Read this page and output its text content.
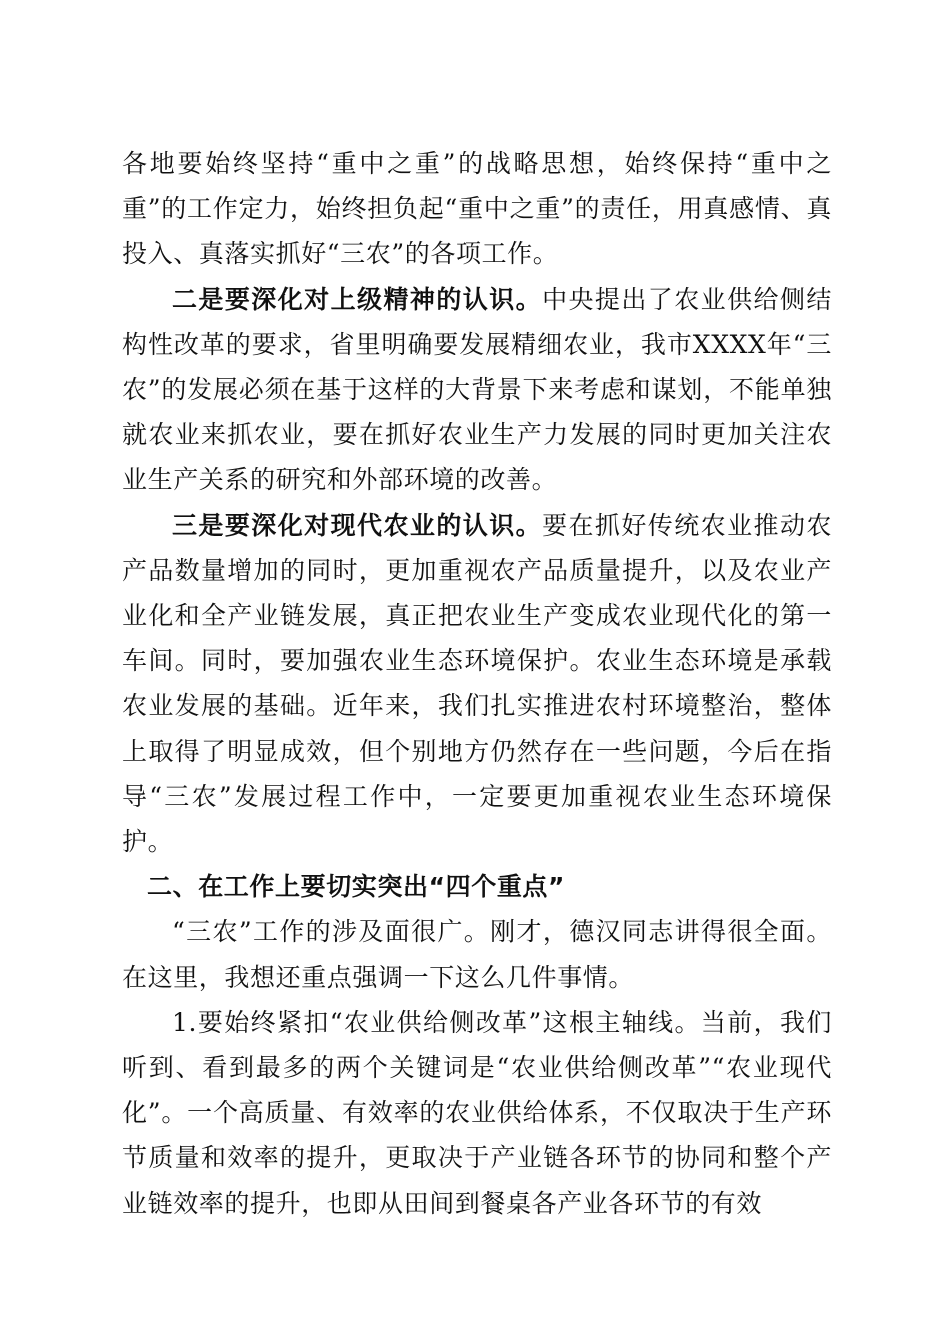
各地要始终坚持“重中之重”的战略思想，始终保持“重中之重”的工作定力，始终担负起“重中之重”的责任，用真感情、真投入、真落实抓好“三农”的各项工作。

二是要深化对上级精神的认识。中央提出了农业供给侧结构性改革的要求，省里明确要发展精细农业，我市XXXX年“三农”的发展必须在基于这样的大背景下来考虑和谋划，不能单独就农业来抓农业，要在抓好农业生产力发展的同时更加关注农业生产关系的研究和外部环境的改善。

三是要深化对现代农业的认识。要在抓好传统农业推动农产品数量增加的同时，更加重视农产品质量提升，以及农业产业化和全产业链发展，真正把农业生产变成农业现代化的第一车间。同时，要加强农业生态环境保护。农业生态环境是承载农业发展的基础。近年来，我们扎实推进农村环境整治，整体上取得了明显成效，但个别地方仍然存在一些问题，今后在指导“三农”发展过程工作中，一定要更加重视农业生态环境保护。

二、在工作上要切实突出“四个重点”

“三农”工作的涉及面很广。刚才，德汉同志讲得很全面。在这里，我想还重点强调一下这么几件事情。

1.要始终紧扣“农业供给侧改革”这根主轴线。当前，我们听到、看到最多的两个关键词是“农业供给侧改革”“农业现代化”。一个高质量、有效率的农业供给体系，不仅取决于生产环节质量和效率的提升，更取决于产业链各环节的协同和整个产业链效率的提升，也即从田间到餐桌各产业各环节的有效
